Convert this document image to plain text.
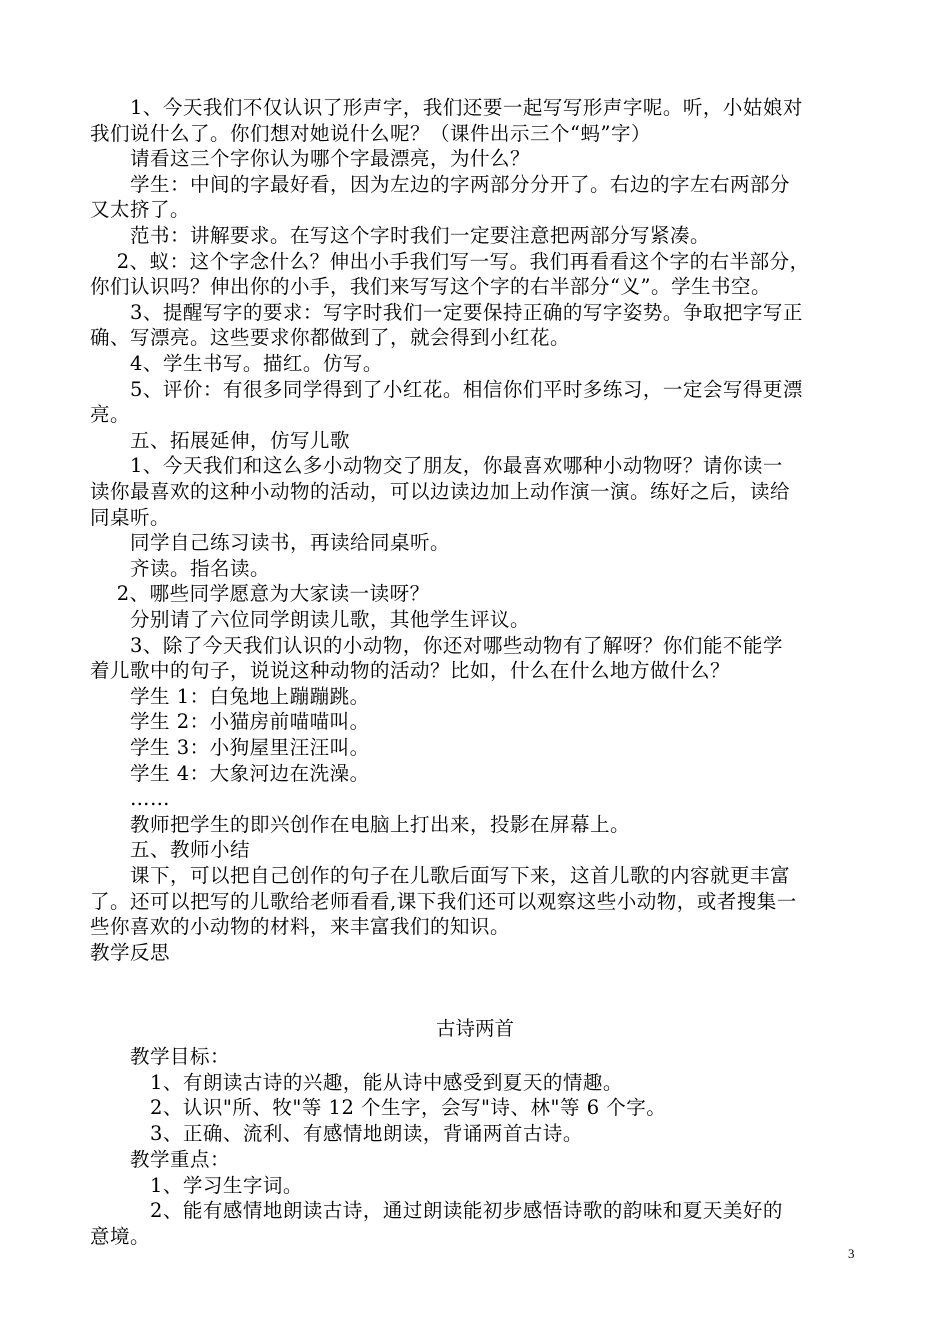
　　1、今天我们不仅认识了形声字，我们还要一起写写形声字呢。听，小姑娘对
我们说什么了。你们想对她说什么呢？（课件出示三个“蚂”字）
　　请看这三个字你认为哪个字最漂亮，为什么？
　　学生：中间的字最好看，因为左边的字两部分分开了。右边的字左右两部分
又太挤了。
　　范书：讲解要求。在写这个字时我们一定要注意把两部分写紧凑。
　 2、蚁：这个字念什么？伸出小手我们写一写。我们再看看这个字的右半部分，
你们认识吗？伸出你的小手，我们来写写这个字的右半部分“义”。学生书空。
　　3、提醒写字的要求：写字时我们一定要保持正确的写字姿势。争取把字写正
确、写漂亮。这些要求你都做到了，就会得到小红花。
　　4、学生书写。描红。仿写。
　　5、评价：有很多同学得到了小红花。相信你们平时多练习，一定会写得更漂
亮。
　　五、拓展延伸，仿写儿歌
　　1、今天我们和这么多小动物交了朋友，你最喜欢哪种小动物呀？请你读一
读你最喜欢的这种小动物的活动，可以边读边加上动作演一演。练好之后，读给
同桌听。
　　同学自己练习读书，再读给同桌听。
　　齐读。指名读。
　 2、哪些同学愿意为大家读一读呀？
　　分别请了六位同学朗读儿歌，其他学生评议。
　　3、除了今天我们认识的小动物，你还对哪些动物有了解呀？你们能不能学
着儿歌中的句子，说说这种动物的活动？比如，什么在什么地方做什么？
　　学生 1：白兔地上蹦蹦跳。
　　学生 2：小猫房前喵喵叫。
　　学生 3：小狗屋里汪汪叫。
　　学生 4：大象河边在洗澡。
　　……
　　教师把学生的即兴创作在电脑上打出来，投影在屏幕上。
　　五、教师小结
　　课下，可以把自己创作的句子在儿歌后面写下来，这首儿歌的内容就更丰富
了。还可以把写的儿歌给老师看看,课下我们还可以观察这些小动物，或者搜集一
些你喜欢的小动物的材料，来丰富我们的知识。
教学反思
古诗两首
　　教学目标：
　　　1、有朗读古诗的兴趣，能从诗中感受到夏天的情趣。
　　　2、认识"所、牧"等 12 个生字，会写"诗、林"等 6 个字。
　　　3、正确、流利、有感情地朗读，背诵两首古诗。
　　教学重点：
　　　1、学习生字词。
　　　2、能有感情地朗读古诗，通过朗读能初步感悟诗歌的韵味和夏天美好的
意境。
3
